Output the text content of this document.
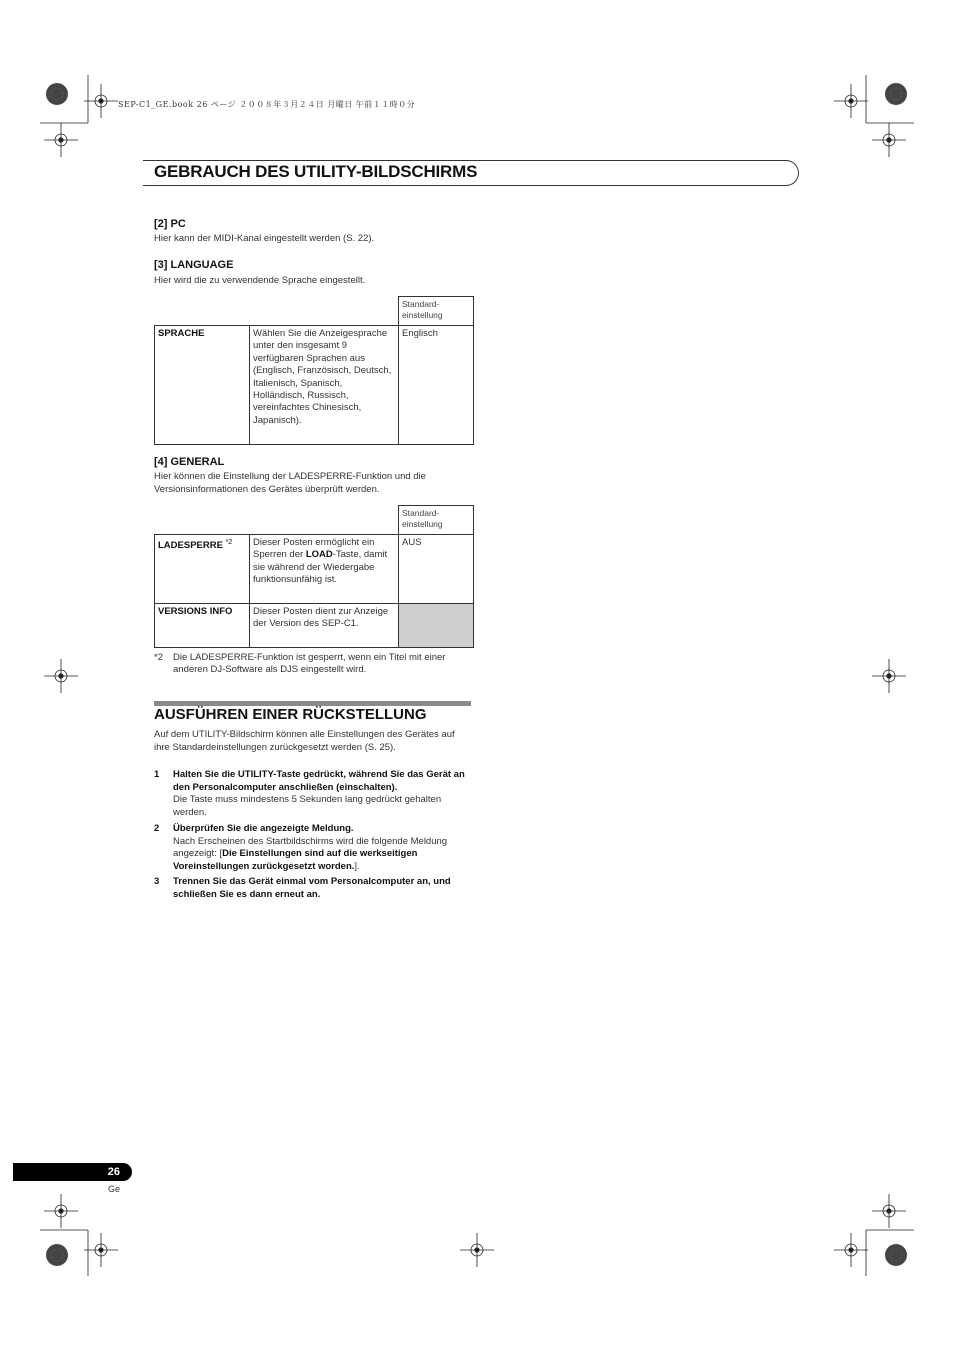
SEP-C1_GE.book 26 ページ ２００８年３月２４日 月曜日 午前１１時０分
GEBRAUCH DES UTILITY-BILDSCHIRMS
[2] PC
Hier kann der MIDI-Kanal eingestellt werden (S. 22).
[3] LANGUAGE
Hier wird die zu verwendende Sprache eingestellt.
		Standard-
einstellung
SPRACHE	Wählen Sie die Anzeigesprache unter den insgesamt 9 verfügbaren Sprachen aus (Englisch, Französisch, Deutsch, Italienisch, Spanisch, Holländisch, Russisch, vereinfachtes Chinesisch, Japanisch).	Englisch
[4] GENERAL
Hier können die Einstellung der LADESPERRE-Funktion und die Versionsinformationen des Gerätes überprüft werden.
		Standard-
einstellung
LADESPERRE $^{*2}$	Dieser Posten ermöglicht ein Sperren der LOAD-Taste, damit sie während der Wiedergabe funktionsunfähig ist.	AUS
VERSIONS INFO	Dieser Posten dient zur Anzeige der Version des SEP-C1.	
*2 Die LADESPERRE-Funktion ist gesperrt, wenn ein Titel mit einer anderen DJ-Software als DJS eingestellt wird.
AUSFÜHREN EINER RÜCKSTELLUNG
Auf dem UTILITY-Bildschirm können alle Einstellungen des Gerätes auf ihre Standardeinstellungen zurückgesetzt werden (S. 25).
1 Halten Sie die UTILITY-Taste gedrückt, während Sie das Gerät an den Personalcomputer anschließen (einschalten).
Die Taste muss mindestens 5 Sekunden lang gedrückt gehalten werden.
2 Überprüfen Sie die angezeigte Meldung.
Nach Erscheinen des Startbildschirms wird die folgende Meldung angezeigt: [Die Einstellungen sind auf die werkseitigen Voreinstellungen zurückgesetzt worden.].
3 Trennen Sie das Gerät einmal vom Personalcomputer an, und schließen Sie es dann erneut an.
26
Ge
